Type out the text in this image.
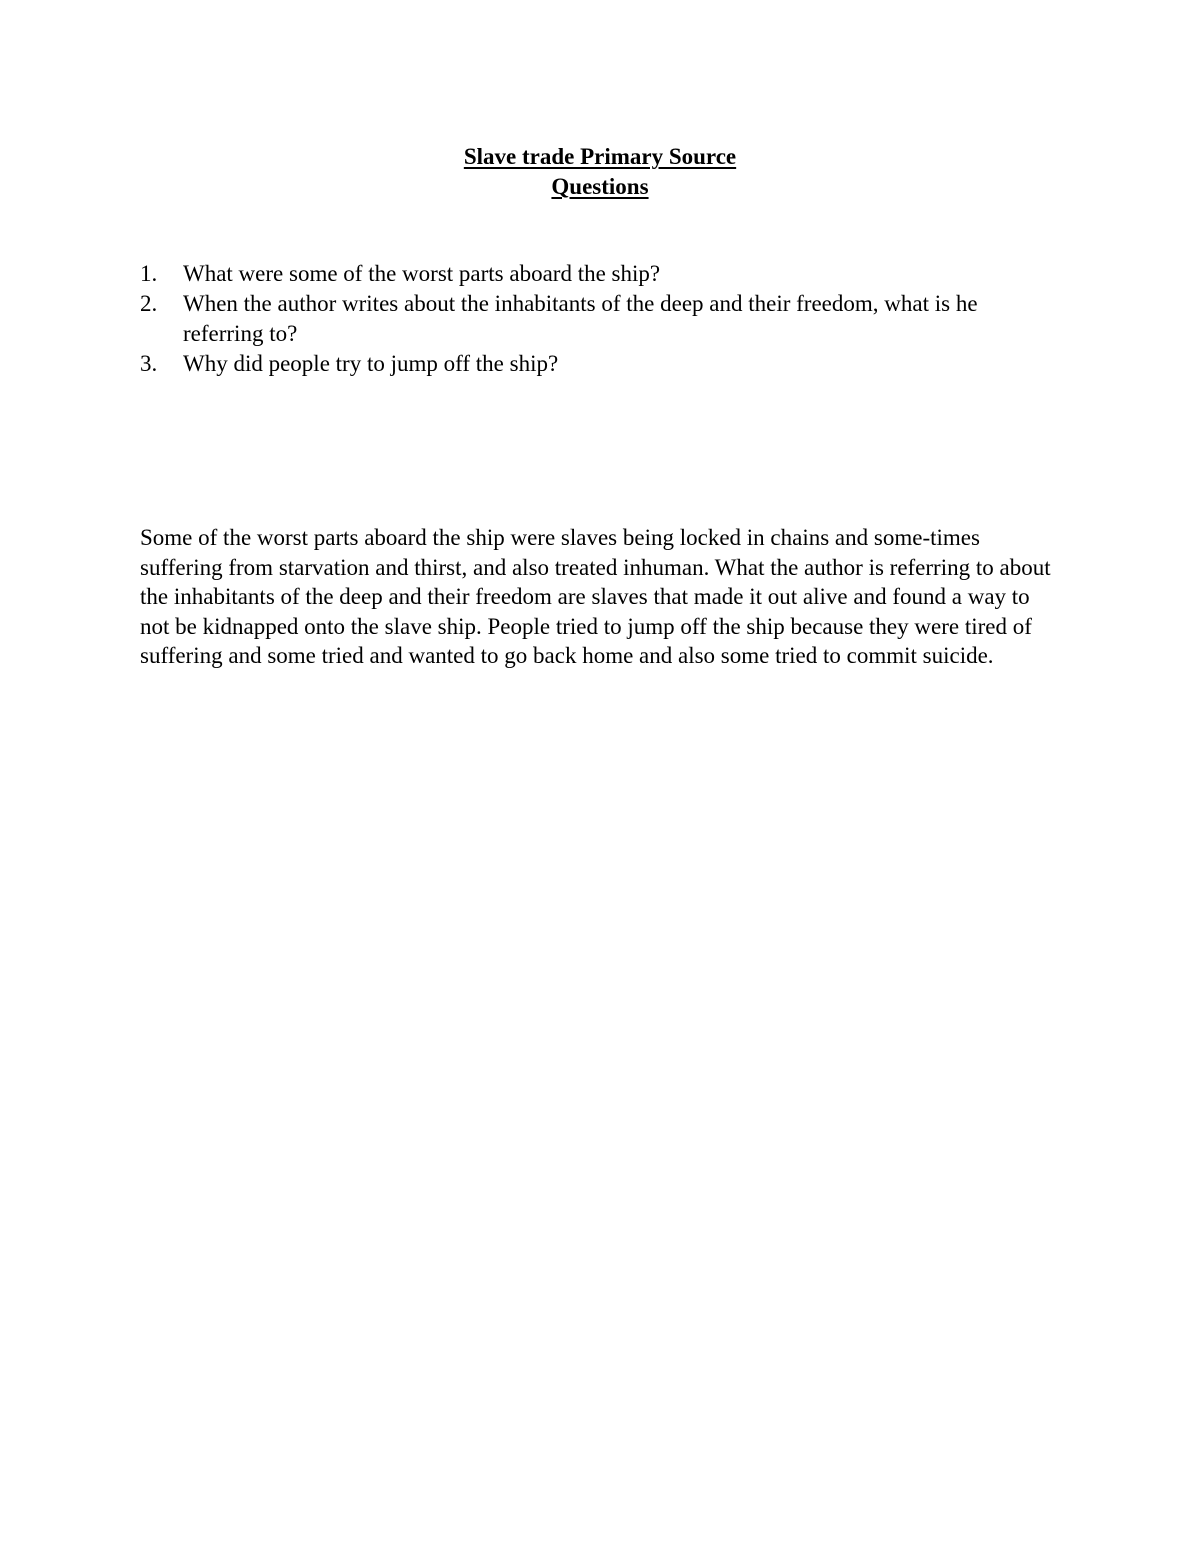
Slave trade Primary Source
Questions
1. What were some of the worst parts aboard the ship?
2. When the author writes about the inhabitants of the deep and their freedom, what is he referring to?
3. Why did people try to jump off the ship?

Some of the worst parts aboard the ship were slaves being locked in chains and some-times suffering from starvation and thirst, and also treated inhuman. What the author is referring to about the inhabitants of the deep and their freedom are slaves that made it out alive and found a way to not be kidnapped onto the slave ship. People tried to jump off the ship because they were tired of suffering and some tried and wanted to go back home and also some tried to commit suicide.
